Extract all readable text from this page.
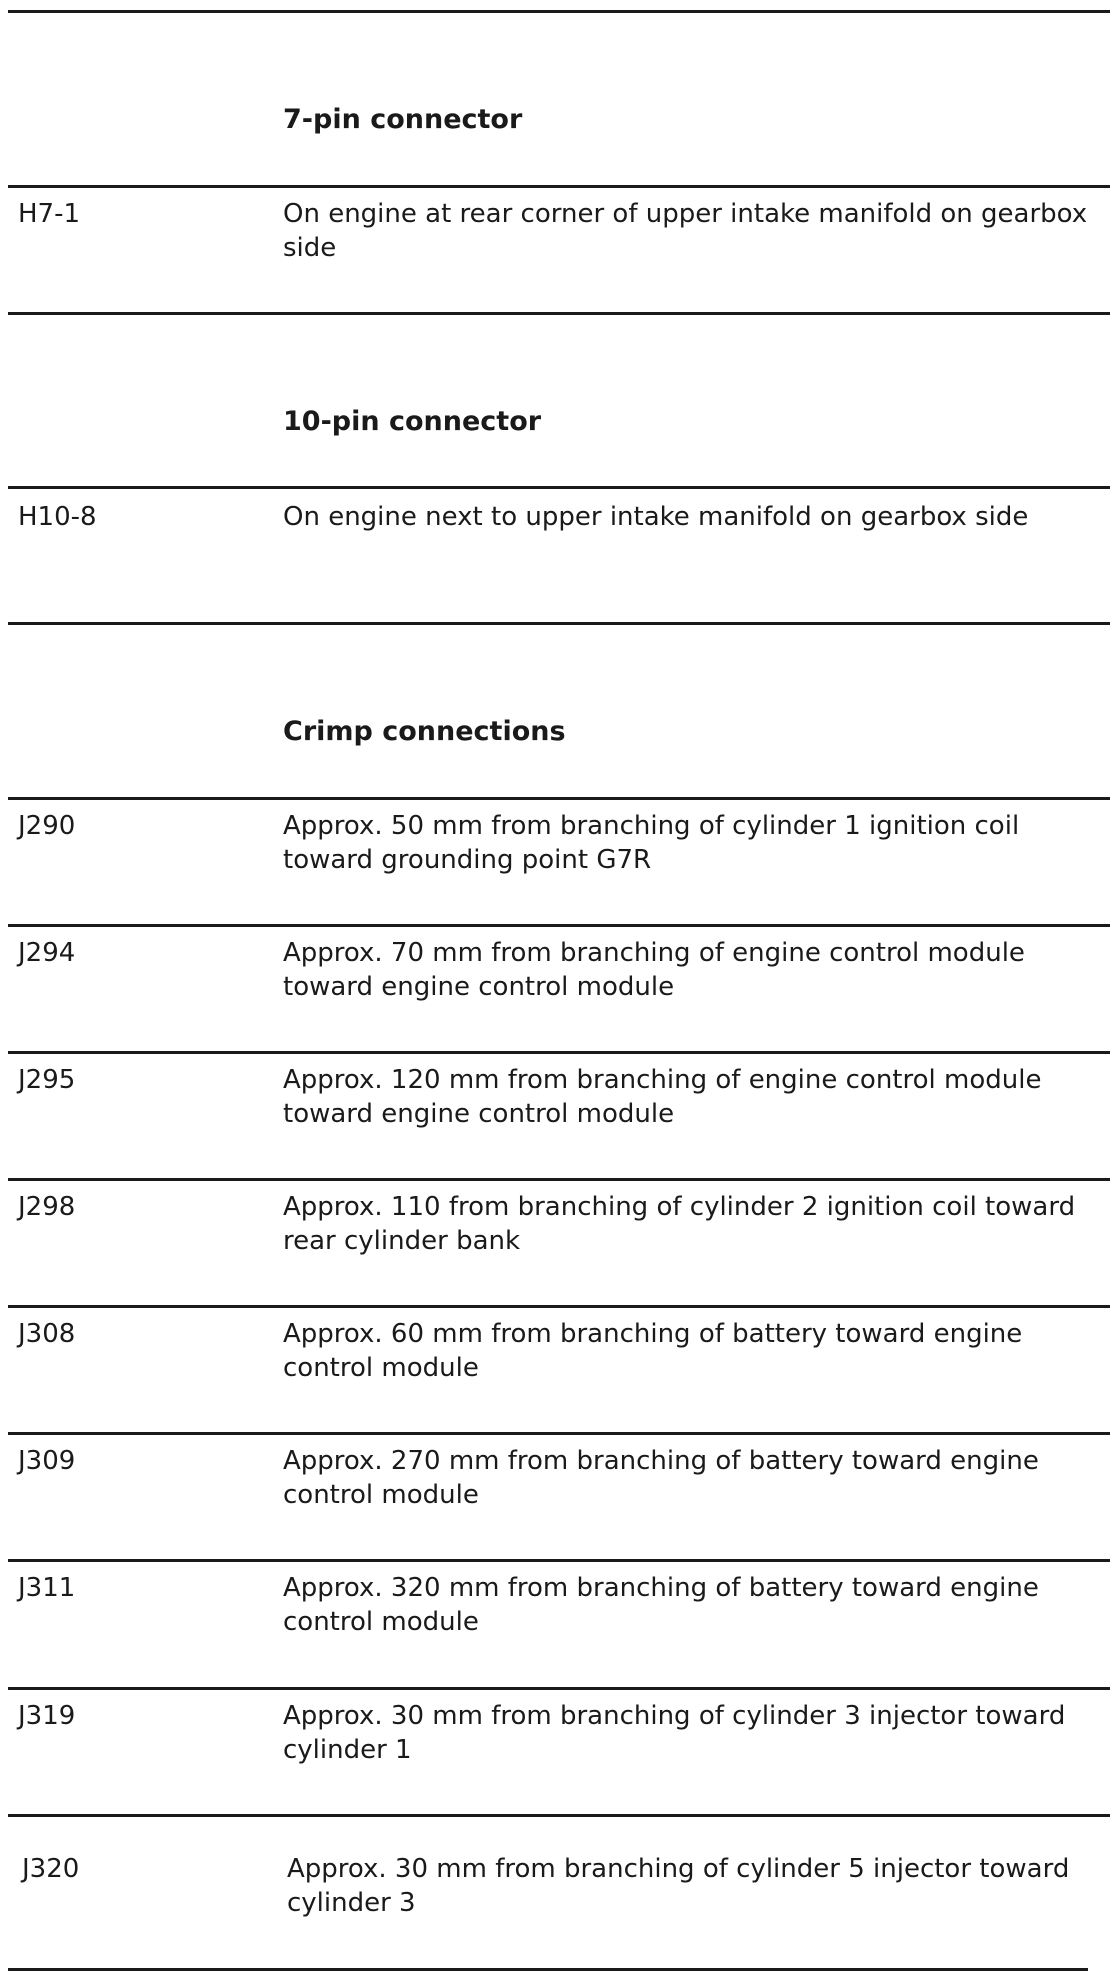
7-pin connector
H7-1	On engine at rear corner of upper intake manifold on gearbox side
10-pin connector
H10-8	On engine next to upper intake manifold on gearbox side
Crimp connections
J290	Approx. 50 mm from branching of cylinder 1 ignition coil toward grounding point G7R
J294	Approx. 70 mm from branching of engine control module toward engine control module
J295	Approx. 120 mm from branching of engine control module toward engine control module
J298	Approx. 110 from branching of cylinder 2 ignition coil toward rear cylinder bank
J308	Approx. 60 mm from branching of battery toward engine control module
J309	Approx. 270 mm from branching of battery toward engine control module
J311	Approx. 320 mm from branching of battery toward engine control module
J319	Approx. 30 mm from branching of cylinder 3 injector toward cylinder 1
J320	Approx. 30 mm from branching of cylinder 5 injector toward cylinder 3
